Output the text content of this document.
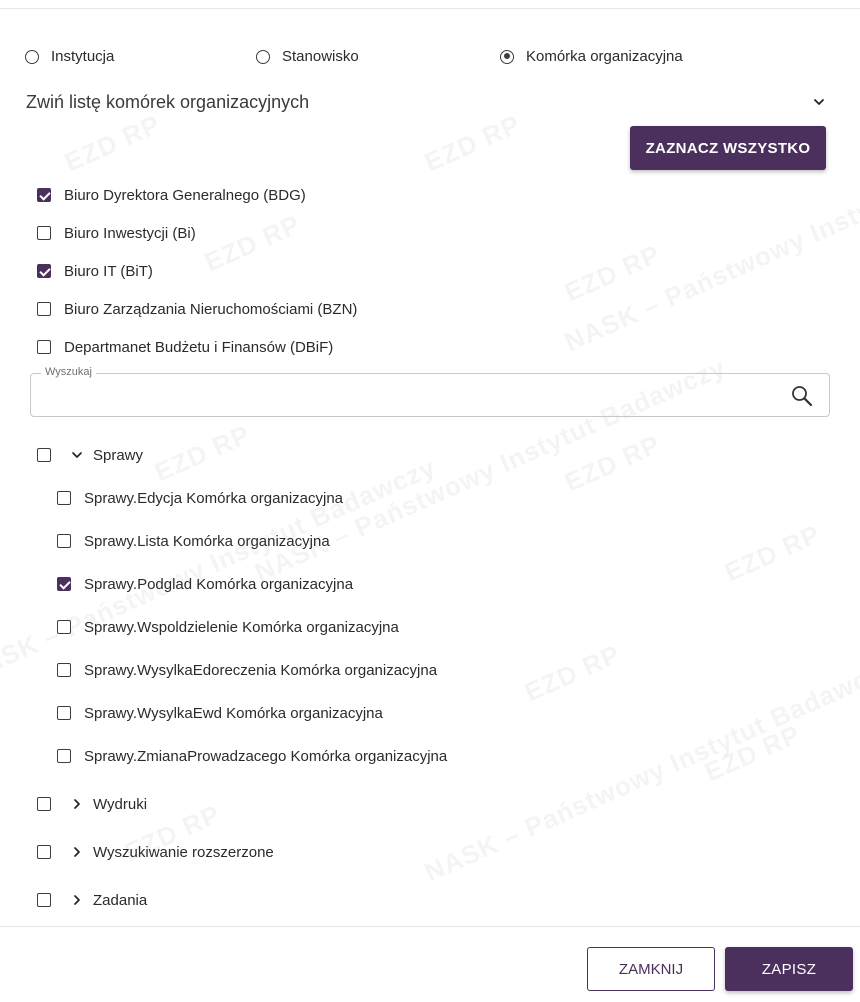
Instytucja	Stanowisko	Komórka organizacyjna
Zwiń listę komórek organizacyjnych
ZAZNACZ WSZYSTKO
Biuro Dyrektora Generalnego (BDG)
Biuro Inwestycji (Bi)
Biuro IT (BiT)
Biuro Zarządzania Nieruchomościami (BZN)
Departmanet Budżetu i Finansów (DBiF)
Wyszukaj
Sprawy
Sprawy.Edycja Komórka organizacyjna
Sprawy.Lista Komórka organizacyjna
Sprawy.Podglad Komórka organizacyjna
Sprawy.Wspoldzielenie Komórka organizacyjna
Sprawy.WysylkaEdoreczenia Komórka organizacyjna
Sprawy.WysylkaEwd Komórka organizacyjna
Sprawy.ZmianaProwadzacego Komórka organizacyjna
Wydruki
Wyszukiwanie rozszerzone
Zadania
ZAMKNIJ	ZAPISZ
